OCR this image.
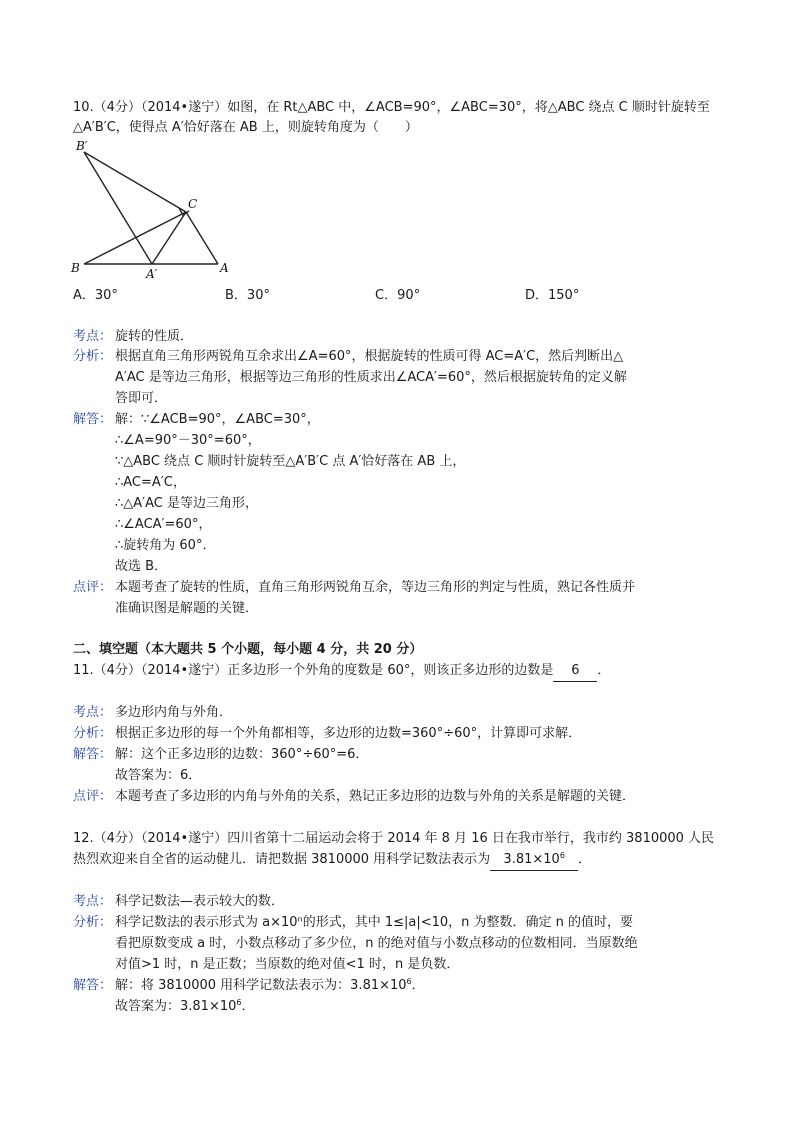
10.（4分）（2014•遂宁）如图，在 Rt△ABC 中，∠ACB=90°，∠ABC=30°，将△ABC 绕点 C 顺时针旋转至
△A′B′C，使得点 A′恰好落在 AB 上，则旋转角度为（　　）
B′
C
B	A′	A
A．30°	B．30°	C．90°	D．150°
考点： 旋转的性质．
分析： 根据直角三角形两锐角互余求出∠A=60°，根据旋转的性质可得 AC=A′C，然后判断出△
A′AC 是等边三角形，根据等边三角形的性质求出∠ACA′=60°，然后根据旋转角的定义解
答即可．
解答： 解：∵∠ACB=90°，∠ABC=30°，
∴∠A=90°－30°=60°，
∵△ABC 绕点 C 顺时针旋转至△A′B′C 点 A′恰好落在 AB 上，
∴AC=A′C，
∴△A′AC 是等边三角形，
∴∠ACA′=60°，
∴旋转角为 60°．
故选 B．
点评： 本题考查了旋转的性质，直角三角形两锐角互余，等边三角形的判定与性质，熟记各性质并
准确识图是解题的关键．
二、填空题（本大题共 5 个小题，每小题 4 分，共 20 分）
11.（4分）（2014•遂宁）正多边形一个外角的度数是 60°，则该正多边形的边数是 6 ．
考点： 多边形内角与外角．
分析： 根据正多边形的每一个外角都相等，多边形的边数=360°÷60°，计算即可求解．
解答： 解：这个正多边形的边数：360°÷60°=6．
故答案为：6．
点评： 本题考查了多边形的内角与外角的关系，熟记正多边形的边数与外角的关系是解题的关键．
12.（4分）（2014•遂宁）四川省第十二届运动会将于 2014 年 8 月 16 日在我市举行，我市约 3810000 人民
热烈欢迎来自全省的运动健儿．请把数据 3810000 用科学记数法表示为 $3.81\times 10^6$ ．
考点： 科学记数法—表示较大的数．
分析： 科学记数法的表示形式为 a×10ⁿ的形式，其中 1≤|a|<10，n 为整数．确定 n 的值时，要
看把原数变成 a 时，小数点移动了多少位，n 的绝对值与小数点移动的位数相同．当原数绝
对值>1 时，n 是正数；当原数的绝对值<1 时，n 是负数．
解答： 解：将 3810000 用科学记数法表示为：$3.81\times 10^6$．
故答案为：$3.81\times 10^6$．
